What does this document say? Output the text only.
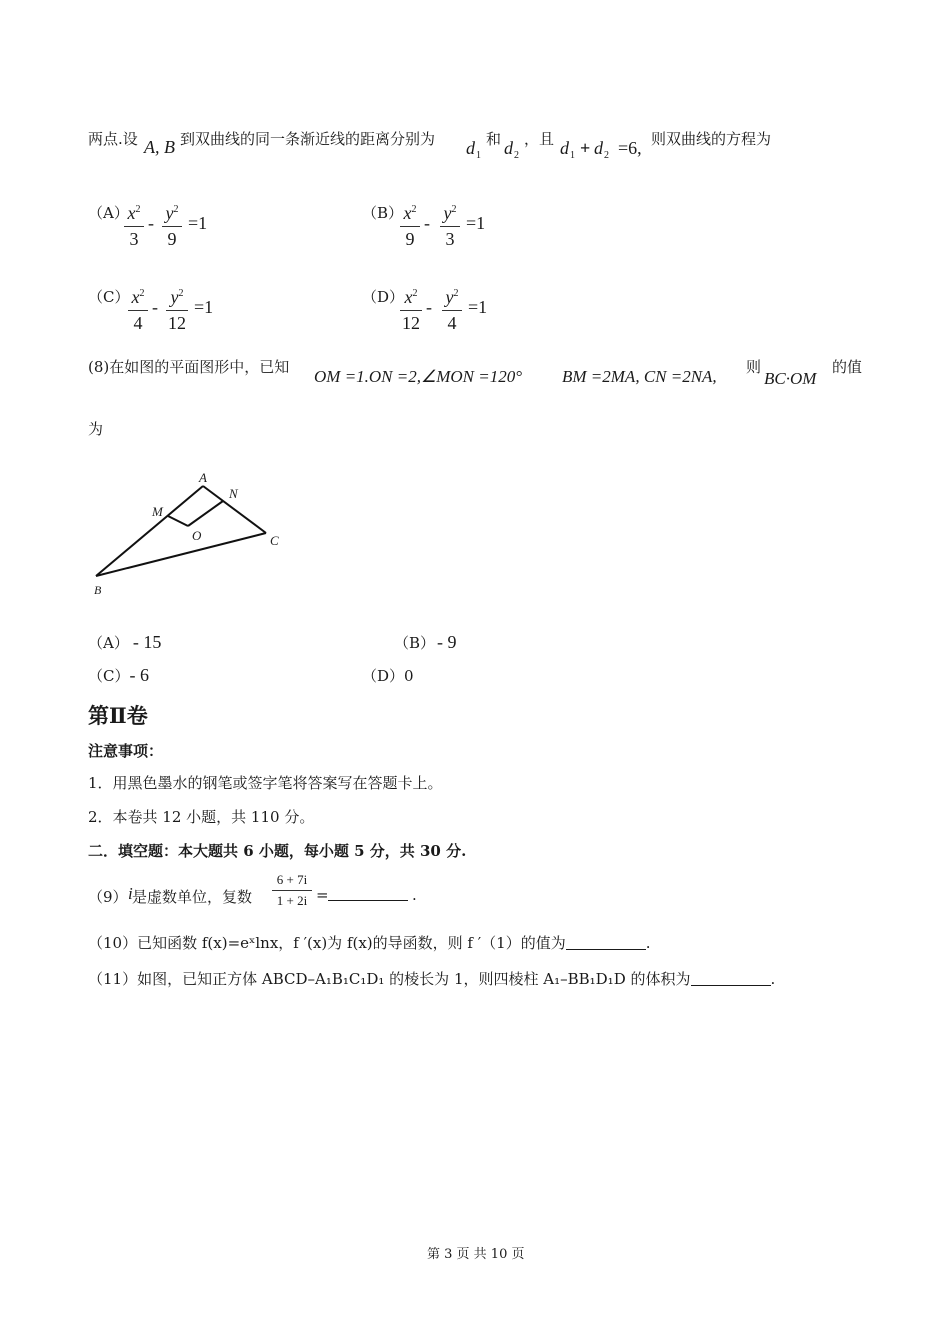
两点.设 A, B 到双曲线的同一条渐近线的距离分别为 $d_1$
和 $d_2$
，且 $d_1 + d_2 =6$, 则双曲线的方程为
（A）
$x^2$
3
- $y^2$
9
=1	（B） $x^2$
9
- $y^2$
3
=1
（C） $x^2$
4
- $y^2$
12
=1	（D） $x^2$
12
- $y^2$
4
=1
(8)在如图的平面图形中，已知 OM =1.ON =2,∠MON =120° BM =2MA, CN =2NA, 则
BC·OM
的值
为
A
N
M
O	C
B
（A） - 15	（B） - 9
（C）- 6	（D）0
第Ⅱ卷
注意事项：
1．用黑色墨水的钢笔或签字笔将答案写在答题卡上。
2．本卷共 12 小题，共 110 分。
二．填空题：本大题共 6 小题，每小题 5 分，共 30 分.
（9） i 是虚数单位，复数
6 + 7i
1 + 2i =	.
（10）已知函数 f(x)=eˣlnx，f ′(x)为 f(x)的导函数，则 f ′（1）的值为	.
（11）如图，已知正方体 ABCD–A₁B₁C₁D₁ 的棱长为 1，则四棱柱 A₁–BB₁D₁D 的体积为	.
第 3 页 共 10 页
